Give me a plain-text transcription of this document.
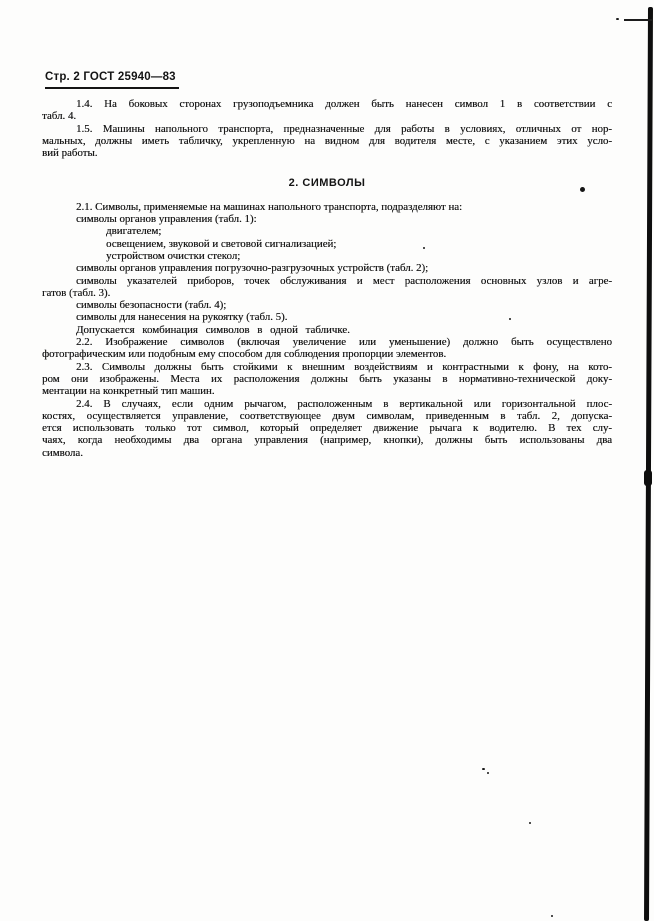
Стр. 2 ГОСТ 25940—83
1.4. На боковых сторонах грузоподъемника должен быть нанесен символ 1 в соответствии с
табл. 4.
1.5. Машины напольного транспорта, предназначенные для работы в условиях, отличных от нор-
мальных, должны иметь табличку, укрепленную на видном для водителя месте, с указанием этих усло-
вий работы.
2. СИМВОЛЫ
2.1. Символы, применяемые на машинах напольного транспорта, подразделяют на:
символы органов управления (табл. 1):
двигателем;
освещением, звуковой и световой сигнализацией;
устройством очистки стекол;
символы органов управления погрузочно-разгрузочных устройств (табл. 2);
символы указателей приборов, точек обслуживания и мест расположения основных узлов и агре-
гатов (табл. 3).
символы безопасности (табл. 4);
символы для нанесения на рукоятку (табл. 5).
Допускается комбинация символов в одной табличке.
2.2. Изображение символов (включая увеличение или уменьшение) должно быть осуществлено
фотографическим или подобным ему способом для соблюдения пропорции элементов.
2.3. Символы должны быть стойкими к внешним воздействиям и контрастными к фону, на кото-
ром они изображены. Места их расположения должны быть указаны в нормативно-технической доку-
ментации на конкретный тип машин.
2.4. В случаях, если одним рычагом, расположенным в вертикальной или горизонтальной плос-
костях, осуществляется управление, соответствующее двум символам, приведенным в табл. 2, допуска-
ется использовать только тот символ, который определяет движение рычага к водителю. В тех слу-
чаях, когда необходимы два органа управления (например, кнопки), должны быть использованы два
символа.
